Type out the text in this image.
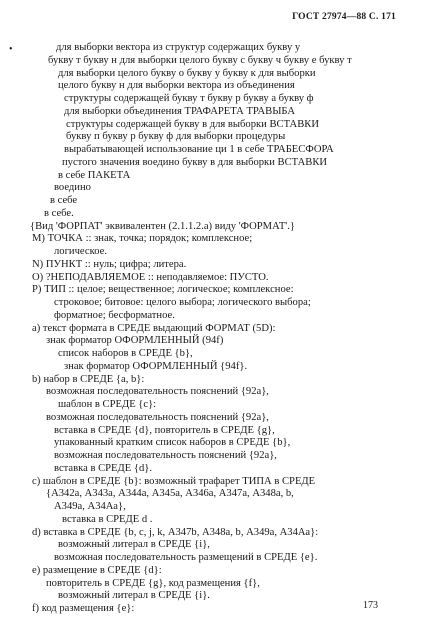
ГОСТ 27974—88 С. 171
•	для выборки вектора из структур содержащих букву у
букву т букву н для выборки целого букву с букву ч букву е букву т
для выборки целого букву о букву у букву к для выборки
целого букву н для выборки вектора из объединения
структуры содержащей букву т букву р букву а букву ф
для выборки объединения ТРАФАРЕТА ТРАВЫБА
структуры содержащей букву в для выборки ВСТАВКИ
букву п букву р букву ф для выборки процедуры
вырабатывающей использование ци 1 в себе ТРАБЕСФОРА
пустого значения воедино букву в для выборки ВСТАВКИ
в себе ПАКЕТА
воедино
в себе
в себе.
{Вид 'ФОРПАТ' эквивалентен (2.1.1.2.a) виду 'ФОРМАТ'.}
М) ТОЧКА :: знак, точка; порядок; комплексное;
логическое.
N) ПУНКТ :: нуль; цифра; литера.
О) ?НЕПОДАВЛЯЕМОЕ :: неподавляемое: ПУСТО.
Р) ТИП :: целое; вещественное; логическое; комплексное:
строковое; битовое: целого выбора; логического выбора;
форматное; бесформатное.
а) текст формата в СРЕДЕ выдающий ФОРМАТ (5D):
знак форматор ОФОРМЛЕННЫЙ (94f)
список наборов в СРЕДЕ {b},
знак форматор ОФОРМЛЕННЫЙ {94f}.
b) набор в СРЕДЕ {a, b}:
возможная последовательность пояснений {92a},
шаблон в СРЕДЕ {c}:
возможная последовательность пояснений {92a},
вставка в СРЕДЕ {d}, повторитель в СРЕДЕ {g},
упакованный кратким список наборов в СРЕДЕ {b},
возможная последовательность пояснений {92a},
вставка в СРЕДЕ {d}.
с) шаблон в СРЕДЕ {b}: возможный трафарет ТИПА в СРЕДЕ
{А342а, А343а, А344а, А345а, А346а, А347а, А348а, b,
А349а, А34Аа},
вставка в СРЕДЕ d .
d) вставка в СРЕДЕ {b, c, j, k, А347b, А348а, b, А349а, А34Аа}:
возможный литерал в СРЕДЕ {i},
возможная последовательность размещений в СРЕДЕ {e}.
е) размещение в СРЕДЕ {d}:
повторитель в СРЕДЕ {g}, код размещения {f},
возможный литерал в СРЕДЕ {i}.
f) код размещения {e}:	173
